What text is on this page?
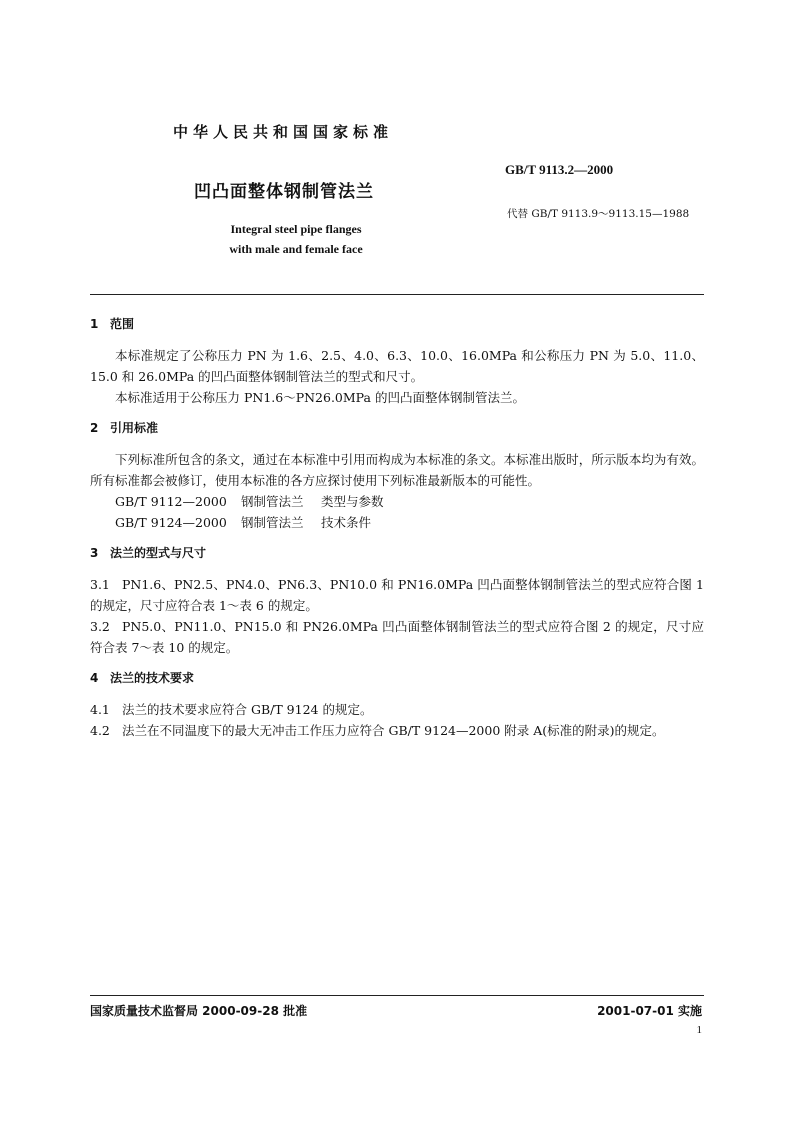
中华人民共和国国家标准
GB/T 9113.2—2000
凹凸面整体钢制管法兰
代替 GB/T 9113.9～9113.15—1988
Integral steel pipe flanges
with male and female face

1 范围

本标准规定了公称压力 PN 为 1.6、2.5、4.0、6.3、10.0、16.0MPa 和公称压力 PN 为 5.0、11.0、15.0 和 26.0MPa 的凹凸面整体钢制管法兰的型式和尺寸。

本标准适用于公称压力 PN1.6～PN26.0MPa 的凹凸面整体钢制管法兰。

2 引用标准

下列标准所包含的条文，通过在本标准中引用而构成为本标准的条文。本标准出版时，所示版本均为有效。所有标准都会被修订，使用本标准的各方应探讨使用下列标准最新版本的可能性。

GB/T 9112—2000 钢制管法兰 类型与参数

GB/T 9124—2000 钢制管法兰 技术条件

3 法兰的型式与尺寸

3.1 PN1.6、PN2.5、PN4.0、PN6.3、PN10.0 和 PN16.0MPa 凹凸面整体钢制管法兰的型式应符合图 1的规定，尺寸应符合表 1～表 6 的规定。

3.2 PN5.0、PN11.0、PN15.0 和 PN26.0MPa 凹凸面整体钢制管法兰的型式应符合图 2 的规定，尺寸应符合表 7～表 10 的规定。

4 法兰的技术要求

4.1 法兰的技术要求应符合 GB/T 9124 的规定。

4.2 法兰在不同温度下的最大无冲击工作压力应符合 GB/T 9124—2000 附录 A(标准的附录)的规定。

国家质量技术监督局 2000-09-28 批准	2001-07-01 实施
1
